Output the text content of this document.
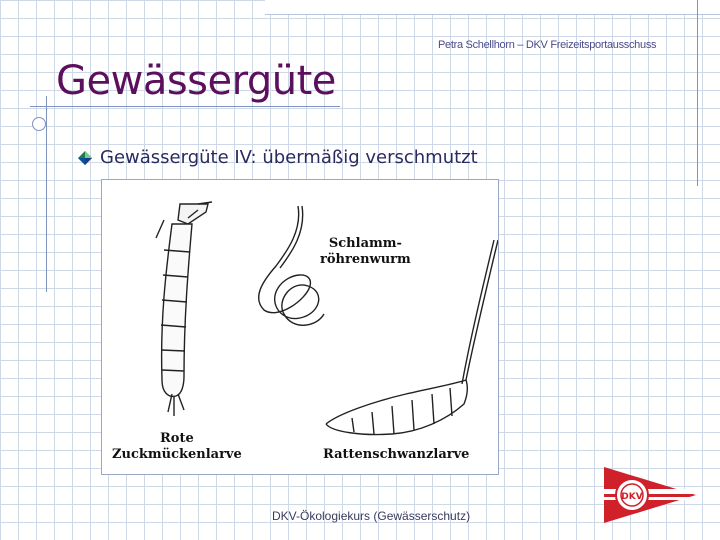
Petra Schellhorn – DKV Freizeitsportausschuss
Gewässergüte
Gewässergüte IV: übermäßig verschmutzt
Schlamm-
röhrenwurm
Rote
Zuckmückenlarve	Rattenschwanzlarve
DKV-Ökologiekurs (Gewässerschutz)
DKV
